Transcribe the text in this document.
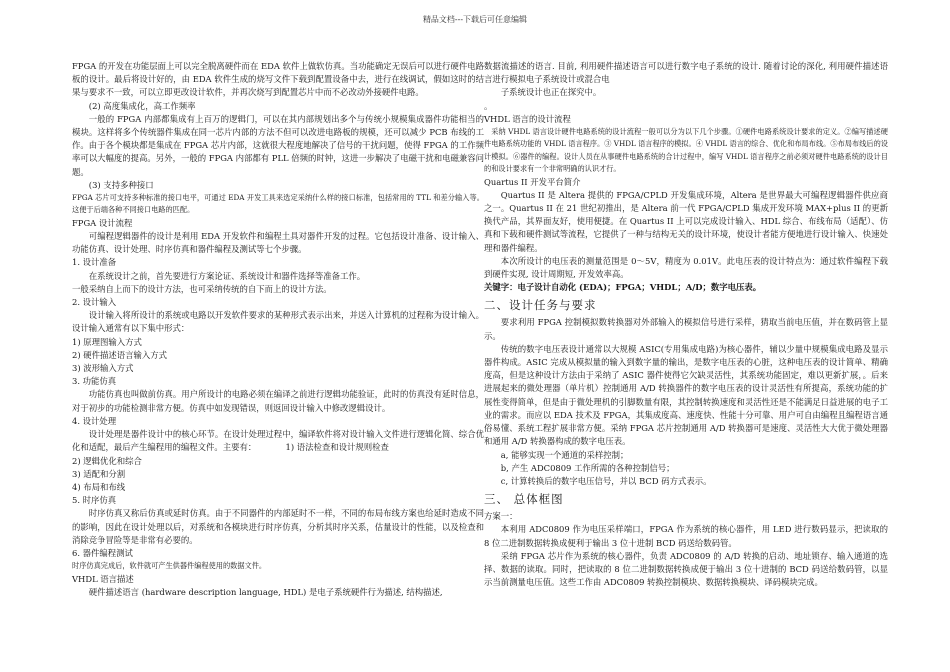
精品文档---下载后可任意编辑

FPGA 的开发在功能层面上可以完全脱离硬件而在 EDA 软件上做软仿真。当功能确定无误后可以进行硬件电路板的设计。最后将设计好的，由 EDA 软件生成的烧写文件下载到配置设备中去，进行在线调试，假如这时的结果与要求不一致，可以立即更改设计软件，并再次烧写到配置芯片中而不必改动外接硬件电路。

(2) 高度集成化，高工作频率

一般的 FPGA 内部都集成有上百万的逻辑门，可以在其内部规划出多个与传统小规模集成器件功能相当的模块。这样将多个传统器件集成在同一芯片内部的方法不但可以改进电路板的规模，还可以减少 PCB 布线的工作。由于各个模块都是集成在 FPGA 芯片内部，这就很大程度地解决了信号的干扰问题，使得 FPGA 的工作频率可以大幅度的提高。另外，一般的 FPGA 内部都有 PLL 倍频的时钟，这进一步解决了电磁干扰和电磁兼容问题。

(3) 支持多种接口

FPGA 芯片可支持多种标准的接口电平，可通过 EDA 开发工具来选定采纳什么样的接口标准，包括常用的 TTL 和差分输入等。这便于后端各种不同接口电路的匹配。

FPGA 设计流程

可编程逻辑器件的设计是利用 EDA 开发软件和编程土具对器件开发的过程。它包括设计准备、设计输入、功能仿真、设计处理、时序仿真和器件编程及测试等七个步骤。

1. 设计准备

在系统设计之前，首先要进行方案论证、系统设计和器件选择等准备工作。

一般采纳自上而下的设计方法，也可采纳传统的自下而上的设计方法。

2. 设计输入

设计输入将所设计的系统或电路以开发软件要求的某种形式表示出来，并送入计算机的过程称为设计输入。设计输入通常有以下集中形式：

1) 原理图输入方式

2) 硬件描述语言输入方式

3) 波形输入方式

3. 功能仿真

功能仿真也叫做前仿真。用户所设计的电路必须在编译之前进行逻辑功能验证，此时的仿真没有延时信息，对于初步的功能检测非常方便。仿真中如发现错误，则返回设计输入中修改逻辑设计。

4. 设计处理

设计处理是器件设计中的核心环节。在设计处理过程中，编译软件将对设计输入文件进行逻辑化简、综合优化和适配，最后产生编程用的编程文件。主要有：　　　　1) 语法检查和设计规则检查

2) 逻辑优化和综合

3) 适配和分割

4) 布局和布线

5. 时序仿真

时序仿真又称后仿真或延时仿真。由于不同器件的内部延时不一样，不同的布局布线方案也给延时造成不同的影响，因此在设计处理以后，对系统和各模块进行时序仿真，分析其时序关系，估量设计的性能，以及检查和消除竞争冒险等是非常有必要的。

6. 器件编程测试

时序仿真完成后，软件就可产生供器件编程使用的数据文件。

VHDL 语言描述

硬件描述语言 (hardware description language, HDL) 是电子系统硬件行为描述, 结构描述,

数据流描述的语言. 目前, 利用硬件描述语言可以进行数字电子系统的设计. 随着讨论的深化, 利用硬件描述语言进行模拟电子系统设计或混合电

子系统设计也正在探究中。

。

VHDL 语言的设计流程

　采纳 VHDL 语言设计硬件电路系统的设计流程一般可以分为以下几个步骤。①硬件电路系统设计要求的定义。②编写描述硬件电路系统功能的 VHDL 语言程序。③ VHDL 语言程序的模拟。④ VHDL 语言的综合、优化和布局布线。⑤布局布线后的设计模拟。⑥器件的编程。设计人员在从事硬件电路系统的合计过程中，编写 VHDL 语言程序之前必须对硬件电路系统的设计目的和设计要求有一个非常明确的认识才行。

Quartus II 开发平台简介

Quartus II 是 Altera 提供的 FPGA/CPLD 开发集成环境，Altera 是世界最大可编程逻辑器件供应商之一。Quartus II 在 21 世纪初推出，是 Altera 前一代 FPGA/CPLD 集成开发环境 MAX+plus II 的更新换代产品，其界面友好，使用便捷。在 Quartus II 上可以完成设计输入、HDL 综合、布线布局（适配）、仿真和下载和硬件测试等流程，它提供了一种与结构无关的设计环境，使设计者能方便地进行设计输入、快速处理和器件编程。

本次所设计的电压表的测量范围是 0～5V，精度为 0.01V。此电压表的设计特点为：通过软件编程下载到硬件实现, 设计周期短, 开发效率高。

关键字：电子设计自动化 (EDA)；FPGA；VHDL；A/D；数字电压表。

二、设计任务与要求

要求利用 FPGA 控制模拟数转换器对外部输入的模拟信号进行采样，猜取当前电压值，并在数码管上显示。

传统的数字电压表设计通常以大规模 ASIC(专用集成电路)为核心器件，辅以少量中规模集成电路及显示器件构成。ASIC 完成从模拟量的输入到数字量的输出，是数字电压表的心脏，这种电压表的设计简单、精确度高，但是这种设计方法由于采纳了 ASIC 器件使得它欠缺灵活性，其系统功能固定，难以更新扩展，。后来进展起来的微处理器（单片机）控制通用 A/D 转换器件的数字电压表的设计灵活性有所提高，系统功能的扩展性变得简单，但是由于微处理机的引脚数量有限，其控制转换速度和灵活性还是不能满足日益进展的电子工业的需求。而应以 EDA 技术及 FPGA，其集成度高、速度快、性能十分可靠、用户可自由编程且编程语言通俗易懂、系统工程扩展非常方便。采纳 FPGA 芯片控制通用 A/D 转换器可是速度、灵活性大大优于微处理器和通用 A/D 转换器构成的数字电压表。

a, 能够实现一个通道的采样控制；

b, 产生 ADC0809 工作所需的各种控制信号；

c, 计算转换后的数字电压信号，并以 BCD 码方式表示。

三、 总体框图

方案一：

本利用 ADC0809 作为电压采样端口，FPGA 作为系统的核心器件，用 LED 进行数码显示，把读取的 8 位二进制数据转换成便利于输出 3 位十进制 BCD 码送给数码管。

采纳 FPGA 芯片作为系统的核心器件，负责 ADC0809 的 A/D 转换的启动、地址锁存、输入通道的选择、数据的读取。同时，把读取的 8 位二进制数据转换成便于输出 3 位十进制的 BCD 码送给数码管，以显示当前测量电压值。这些工作由 ADC0809 转换控制模块、数据转换模块、译码模块完成。
